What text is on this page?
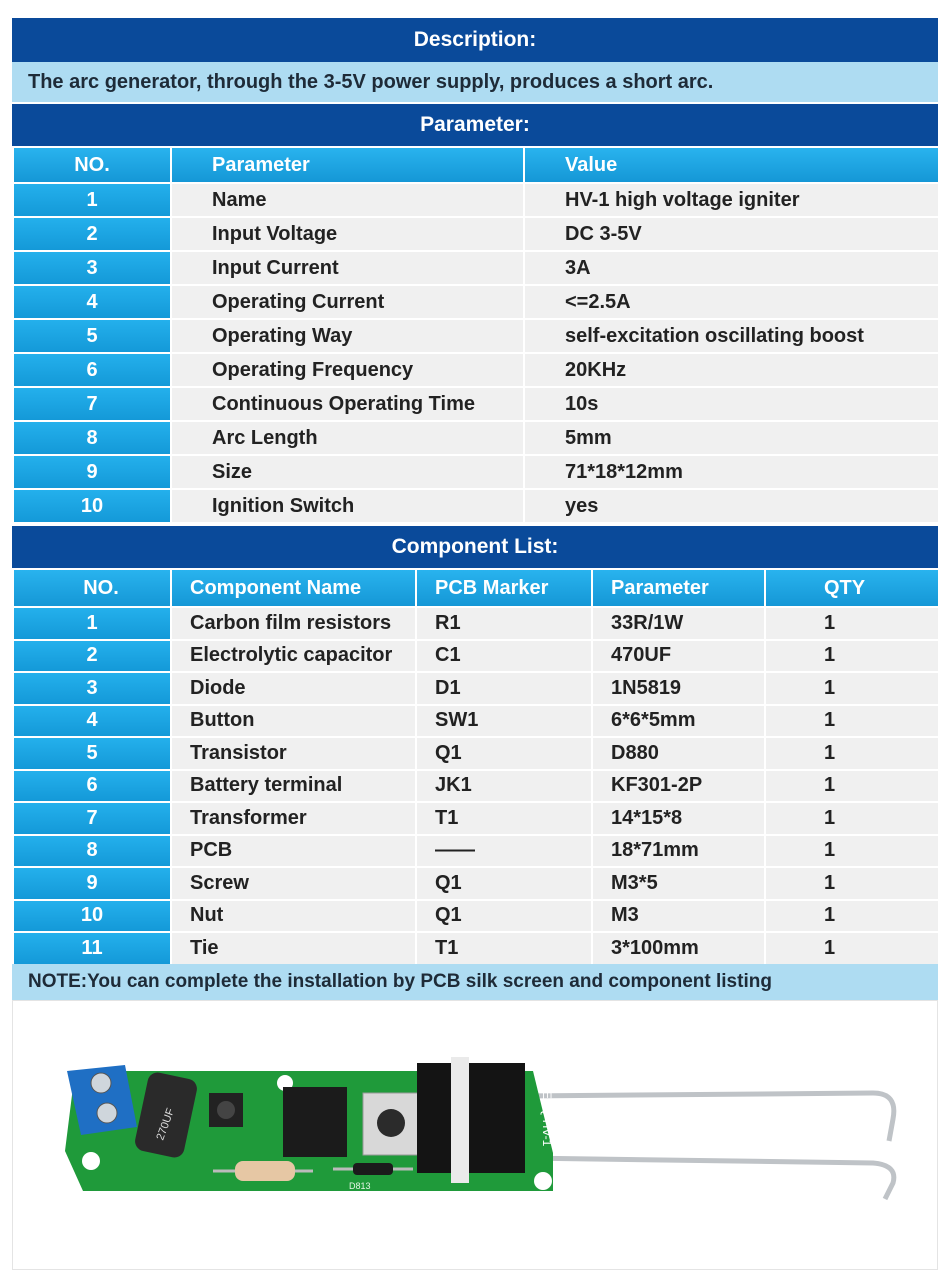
Description:
The arc generator, through the 3-5V power supply, produces a short arc.
Parameter:
NO.	Parameter	Value
1	Name	HV-1 high voltage igniter
2	Input Voltage	DC 3-5V
3	Input Current	3A
4	Operating Current	<=2.5A
5	Operating Way	self-excitation oscillating boost
6	Operating Frequency	20KHz
7	Continuous Operating Time	10s
8	Arc Length	5mm
9	Size	71*18*12mm
10	Ignition Switch	yes
Component List:
NO.	Component Name	PCB Marker	Parameter	QTY
1	Carbon film resistors	R1	33R/1W	1
2	Electrolytic capacitor	C1	470UF	1
3	Diode	D1	1N5819	1
4	Button	SW1	6*6*5mm	1
5	Transistor	Q1	D880	1
6	Battery terminal	JK1	KF301-2P	1
7	Transformer	T1	14*15*8	1
8	PCB	——	18*71mm	1
9	Screw	Q1	M3*5	1
10	Nut	Q1	M3	1
11	Tie	T1	3*100mm	1
NOTE:You can complete the installation by PCB silk screen and component listing
270UF
D813
EEQ HV-1
